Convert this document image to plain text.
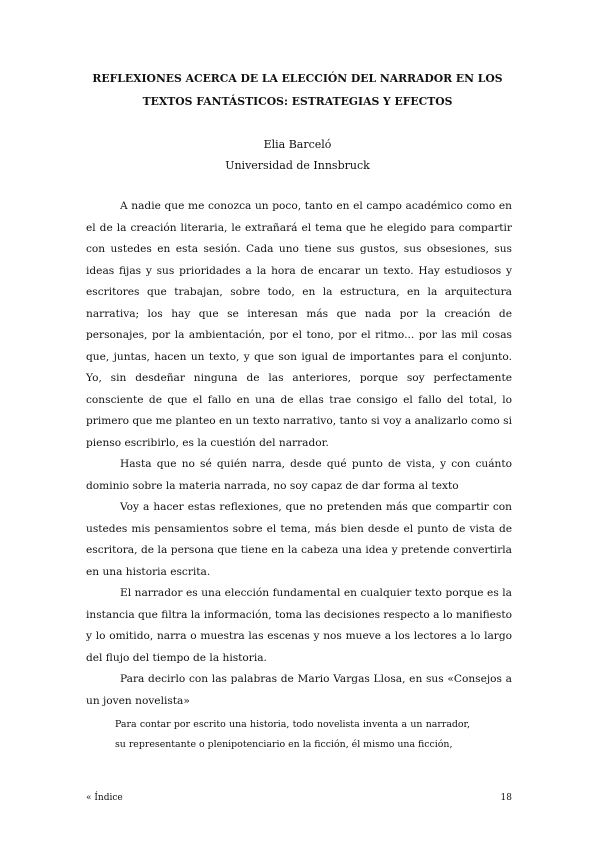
REFLEXIONES ACERCA DE LA ELECCIÓN DEL NARRADOR EN LOS
TEXTOS FANTÁSTICOS: ESTRATEGIAS Y EFECTOS
Elia Barceló
Universidad de Innsbruck

A nadie que me conozca un poco, tanto en el campo académico como en el de la creación literaria, le extrañará el tema que he elegido para compartir con ustedes en esta sesión. Cada uno tiene sus gustos, sus obsesiones, sus ideas fijas y sus prioridades a la hora de encarar un texto. Hay estudiosos y escritores que trabajan, sobre todo, en la estructura, en la arquitectura narrativa; los hay que se interesan más que nada por la creación de personajes, por la ambientación, por el tono, por el ritmo... por las mil cosas que, juntas, hacen un texto, y que son igual de importantes para el conjunto. Yo, sin desdeñar ninguna de las anteriores, porque soy perfectamente consciente de que el fallo en una de ellas trae consigo el fallo del total, lo primero que me planteo en un texto narrativo, tanto si voy a analizarlo como si pienso escribirlo, es la cuestión del narrador.

Hasta que no sé quién narra, desde qué punto de vista, y con cuánto dominio sobre la materia narrada, no soy capaz de dar forma al texto

Voy a hacer estas reflexiones, que no pretenden más que compartir con ustedes mis pensamientos sobre el tema, más bien desde el punto de vista de escritora, de la persona que tiene en la cabeza una idea y pretende convertirla en una historia escrita.

El narrador es una elección fundamental en cualquier texto porque es la instancia que filtra la información, toma las decisiones respecto a lo manifiesto y lo omitido, narra o muestra las escenas y nos mueve a los lectores a lo largo del flujo del tiempo de la historia.

Para decirlo con las palabras de Mario Vargas Llosa, en sus «Consejos a un joven novelista»

Para contar por escrito una historia, todo novelista inventa a un narrador, su representante o plenipotenciario en la ficción, él mismo una ficción,

« Índice	18
